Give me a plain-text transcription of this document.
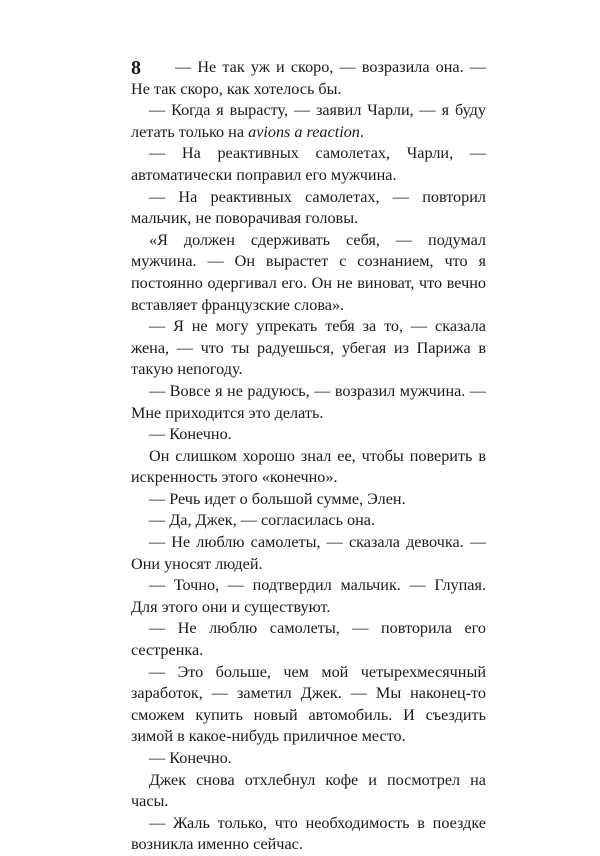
8	— Не так уж и скоро, — возразила она. — Не так скоро, как хотелось бы.

— Когда я вырасту, — заявил Чарли, — я буду летать только на avions a reaction.

— На реактивных самолетах, Чарли, — автоматически поправил его мужчина.

— На реактивных самолетах, — повторил мальчик, не поворачивая головы.

«Я должен сдерживать себя, — подумал мужчина. — Он вырастет с сознанием, что я постоянно одергивал его. Он не виноват, что вечно вставляет французские слова».

— Я не могу упрекать тебя за то, — сказала жена, — что ты радуешься, убегая из Парижа в такую непогоду.

— Вовсе я не радуюсь, — возразил мужчина. — Мне приходится это делать.

— Конечно.

Он слишком хорошо знал ее, чтобы поверить в искренность этого «конечно».

— Речь идет о большой сумме, Элен.

— Да, Джек, — согласилась она.

— Не люблю самолеты, — сказала девочка. — Они уносят людей.

— Точно, — подтвердил мальчик. — Глупая. Для этого они и существуют.

— Не люблю самолеты, — повторила его сестренка.

— Это больше, чем мой четырехмесячный заработок, — заметил Джек. — Мы наконец-то сможем купить новый автомобиль. И съездить зимой в какое-нибудь приличное место.

— Конечно.

Джек снова отхлебнул кофе и посмотрел на часы.

— Жаль только, что необходимость в поездке возникла именно сейчас.
